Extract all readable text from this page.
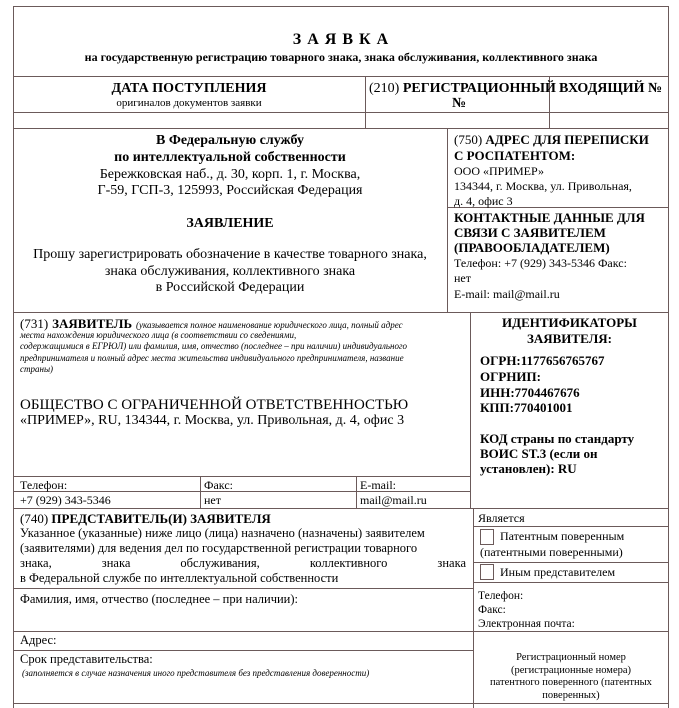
З А Я В К А
на государственную регистрацию товарного знака, знака обслуживания, коллективного знака
ДАТА ПОСТУПЛЕНИЯ
оригиналов документов заявки
(210) РЕГИСТРАЦИОННЫЙ
№
ВХОДЯЩИЙ №
В Федеральную службу
по интеллектуальной собственности
Бережковская наб., д. 30, корп. 1, г. Москва,
Г-59, ГСП-3, 125993, Российская Федерация
ЗАЯВЛЕНИЕ
Прошу зарегистрировать обозначение в качестве товарного знака,
знака обслуживания, коллективного знака
в Российской Федерации
(750) АДРЕС ДЛЯ ПЕРЕПИСКИ
С РОСПАТЕНТОМ:
ООО «ПРИМЕР»
134344, г. Москва, ул. Привольная,
д. 4, офис 3
КОНТАКТНЫЕ ДАННЫЕ ДЛЯ
СВЯЗИ С ЗАЯВИТЕЛЕМ
(ПРАВООБЛАДАТЕЛЕМ)
Телефон: +7 (929) 343-5346 Факс:
нет
E-mail: mail@mail.ru
(731) ЗАЯВИТЕЛЬ (указывается полное наименование юридического лица, полный адрес
места нахождения юридического лица (в соответствии со сведениями,
содержащимися в ЕГРЮЛ) или фамилия, имя, отчество (последнее – при наличии) индивидуального
предпринимателя и полный адрес места жительства индивидуального предпринимателя, название
страны)
ОБЩЕСТВО С ОГРАНИЧЕННОЙ ОТВЕТСТВЕННОСТЬЮ
«ПРИМЕР», RU, 134344, г. Москва, ул. Привольная, д. 4, офис 3
Телефон:
+7 (929) 343-5346
Факс:
нет
E-mail:
mail@mail.ru
ИДЕНТИФИКАТОРЫ
ЗАЯВИТЕЛЯ:
ОГРН:1177656765767
ОГРНИП:
ИНН:7704467676
КПП:770401001
КОД страны по стандарту
ВОИС ST.3 (если он
установлен): RU
(740) ПРЕДСТАВИТЕЛЬ(И) ЗАЯВИТЕЛЯ
Указанное (указанные) ниже лицо (лица) назначено (назначены) заявителем
(заявителями) для ведения дел по государственной регистрации товарного
знака, знака обслуживания, коллективного знака
в Федеральной службе по интеллектуальной собственности
Является
Патентным поверенным
(патентными поверенными)
Иным представителем
Фамилия, имя, отчество (последнее – при наличии):	Телефон:
Факс:
Электронная почта:
Адрес:
Срок представительства:
(заполняется в случае назначения иного представителя без представления доверенности)
Регистрационный номер
(регистрационные номера)
патентного поверенного (патентных
поверенных)
